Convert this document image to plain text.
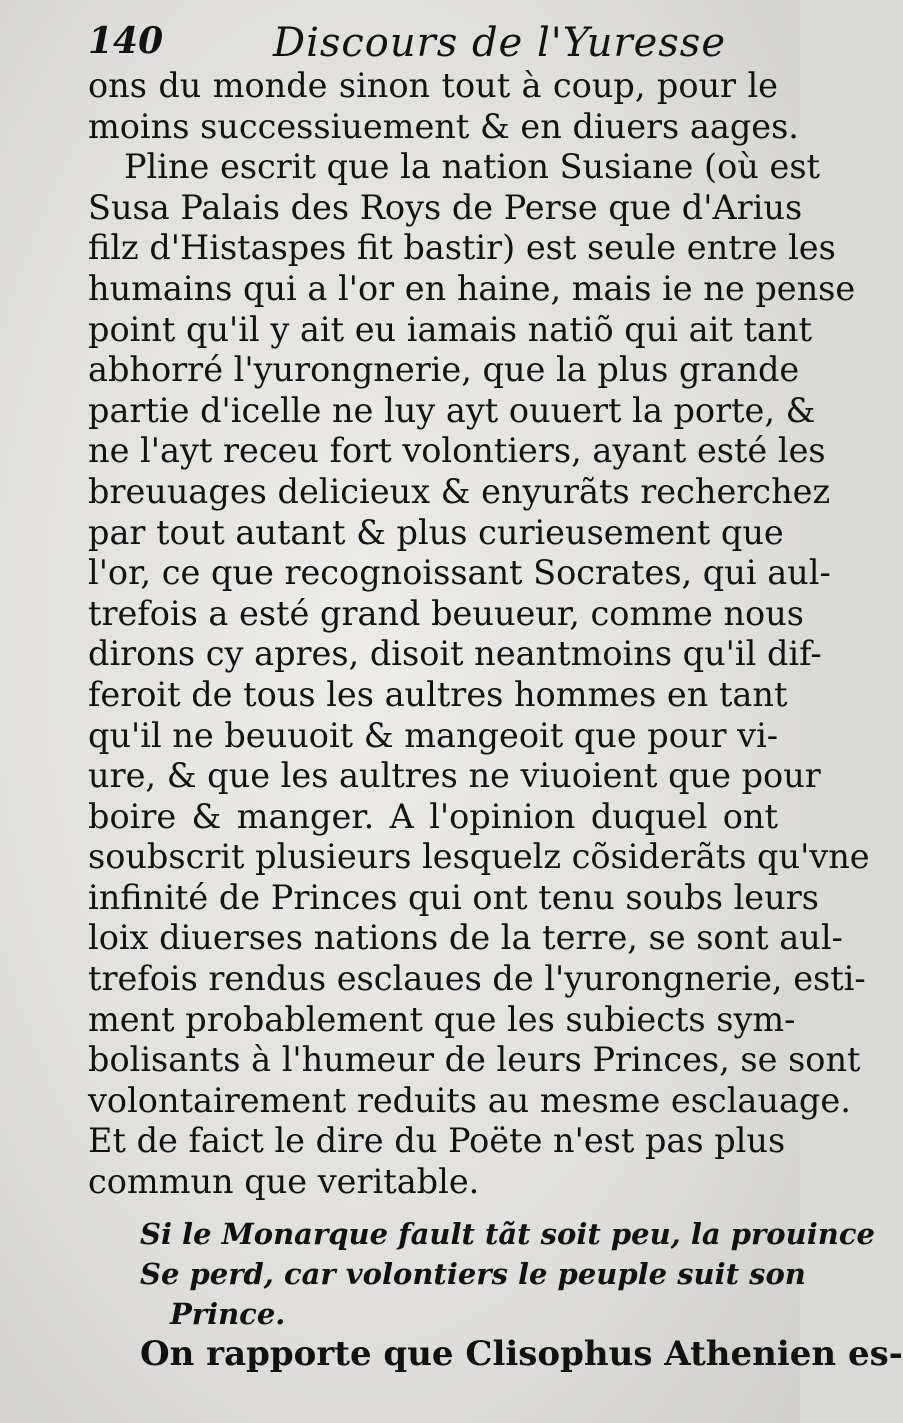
140	Discours de l'Yuresse
ons du monde sinon tout à coup, pour le
moins successiuement & en diuers aages.
Pline escrit que la nation Susiane (où est
Susa Palais des Roys de Perse que d'Arius
filz d'Histaspes fit bastir) est seule entre les
humains qui a l'or en haine, mais ie ne pense
point qu'il y ait eu iamais natiõ qui ait tant
abhorré l'yurongnerie, que la plus grande
partie d'icelle ne luy ayt ouuert la porte, &
ne l'ayt receu fort volontiers, ayant esté les
breuuages delicieux & enyurãts recherchez
par tout autant & plus curieusement que
l'or, ce que recognoissant Socrates, qui aul-
trefois a esté grand beuueur, comme nous
dirons cy apres, disoit neantmoins qu'il dif-
feroit de tous les aultres hommes en tant
qu'il ne beuuoit & mangeoit que pour vi-
ure, & que les aultres ne viuoient que pour
boire & manger. A l'opinion duquel ont
soubscrit plusieurs lesquelz cõsiderãts qu'vne
infinité de Princes qui ont tenu soubs leurs
loix diuerses nations de la terre, se sont aul-
trefois rendus esclaues de l'yurongnerie, esti-
ment probablement que les subiects sym-
bolisants à l'humeur de leurs Princes, se sont
volontairement reduits au mesme esclauage.
Et de faict le dire du Poëte n'est pas plus
commun que veritable.
Si le Monarque fault tãt soit peu, la prouince
Se perd, car volontiers le peuple suit son
Prince.
On rapporte que Clisophus Athenien es-
